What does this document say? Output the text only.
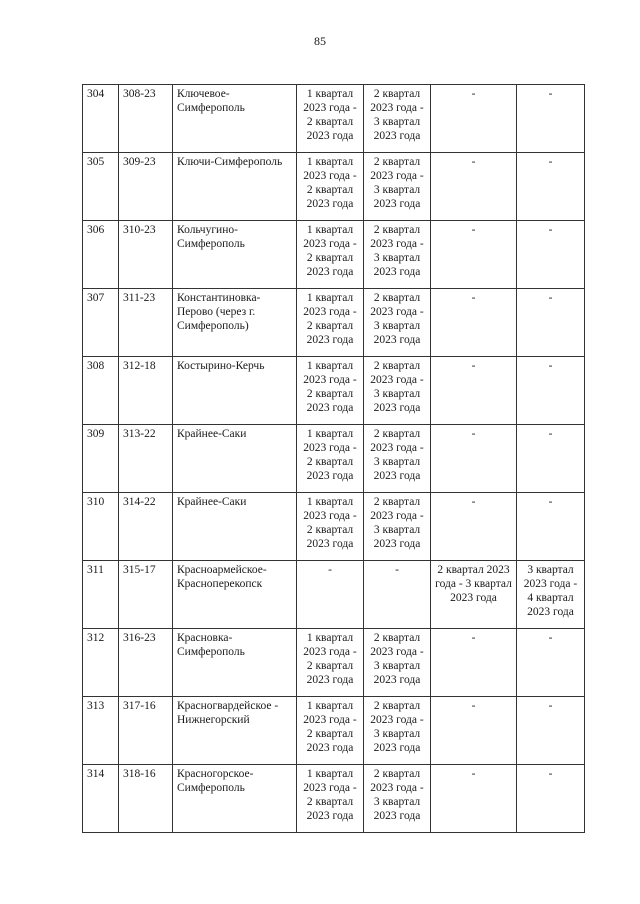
85
304	308-23	Ключевое-Симферополь	1 квартал 2023 года - 2 квартал 2023 года	2 квартал 2023 года - 3 квартал 2023 года	-	-
305	309-23	Ключи-Симферополь	1 квартал 2023 года - 2 квартал 2023 года	2 квартал 2023 года - 3 квартал 2023 года	-	-
306	310-23	Кольчугино-Симферополь	1 квартал 2023 года - 2 квартал 2023 года	2 квартал 2023 года - 3 квартал 2023 года	-	-
307	311-23	Константиновка-Перово (через г. Симферополь)	1 квартал 2023 года - 2 квартал 2023 года	2 квартал 2023 года - 3 квартал 2023 года	-	-
308	312-18	Костырино-Керчь	1 квартал 2023 года - 2 квартал 2023 года	2 квартал 2023 года - 3 квартал 2023 года	-	-
309	313-22	Крайнее-Саки	1 квартал 2023 года - 2 квартал 2023 года	2 квартал 2023 года - 3 квартал 2023 года	-	-
310	314-22	Крайнее-Саки	1 квартал 2023 года - 2 квартал 2023 года	2 квартал 2023 года - 3 квартал 2023 года	-	-
311	315-17	Красноармейское-Красноперекопск	-	-	2 квартал 2023 года - 3 квартал 2023 года	3 квартал 2023 года - 4 квартал 2023 года
312	316-23	Красновка-Симферополь	1 квартал 2023 года - 2 квартал 2023 года	2 квартал 2023 года - 3 квартал 2023 года	-	-
313	317-16	Красногвардейское - Нижнегорский	1 квартал 2023 года - 2 квартал 2023 года	2 квартал 2023 года - 3 квартал 2023 года	-	-
314	318-16	Красногорское-Симферополь	1 квартал 2023 года - 2 квартал 2023 года	2 квартал 2023 года - 3 квартал 2023 года	-	-
